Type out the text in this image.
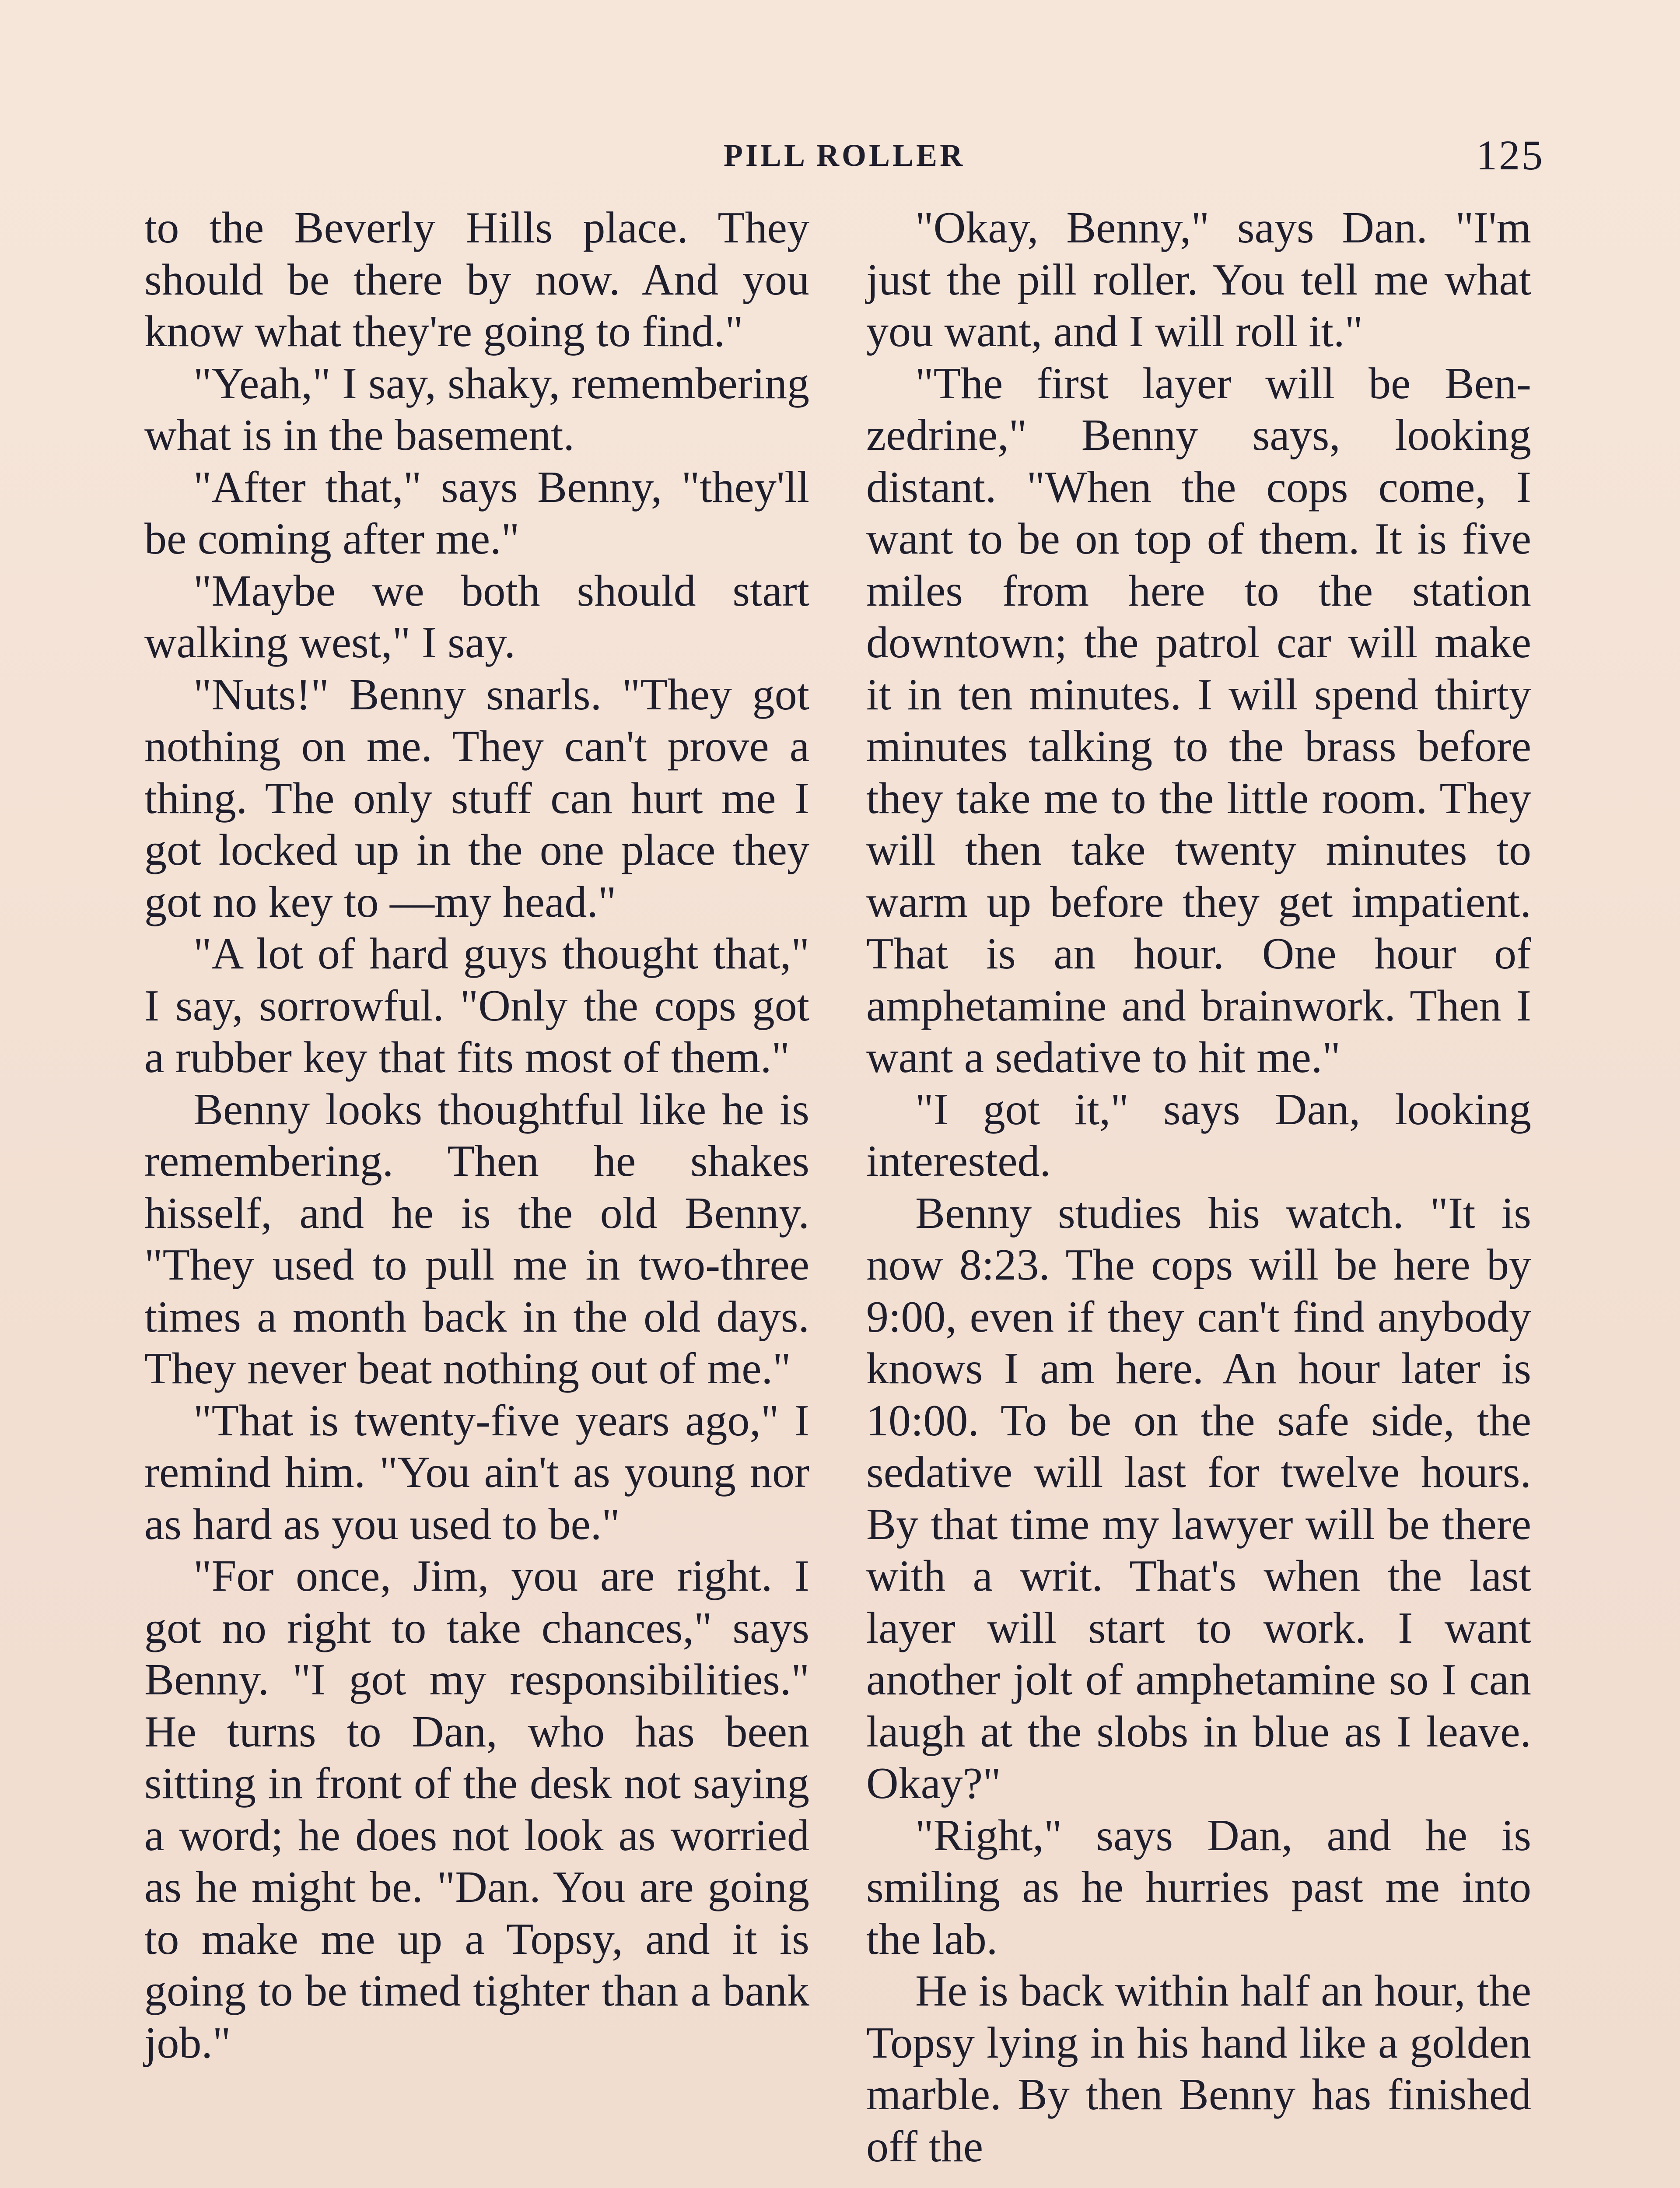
PILL ROLLER	125

to the Beverly Hills place. They should be there by now. And you know what they're going to find."

"Yeah," I say, shaky, remembering what is in the basement.

"After that," says Benny, "they'll be coming after me."

"Maybe we both should start walking west," I say.

"Nuts!" Benny snarls. "They got nothing on me. They can't prove a thing. The only stuff can hurt me I got locked up in the one place they got no key to —my head."

"A lot of hard guys thought that," I say, sorrowful. "Only the cops got a rubber key that fits most of them."

Benny looks thoughtful like he is remembering. Then he shakes hisself, and he is the old Benny. "They used to pull me in two-three times a month back in the old days. They never beat nothing out of me."

"That is twenty-five years ago," I remind him. "You ain't as young nor as hard as you used to be."

"For once, Jim, you are right. I got no right to take chances," says Benny. "I got my responsibilities." He turns to Dan, who has been sitting in front of the desk not saying a word; he does not look as worried as he might be. "Dan. You are going to make me up a Topsy, and it is going to be timed tighter than a bank job."

"Okay, Benny," says Dan. "I'm just the pill roller. You tell me what you want, and I will roll it."

"The first layer will be Benzedrine," Benny says, looking distant. "When the cops come, I want to be on top of them. It is five miles from here to the station downtown; the patrol car will make it in ten minutes. I will spend thirty minutes talking to the brass before they take me to the little room. They will then take twenty minutes to warm up before they get impatient. That is an hour. One hour of amphetamine and brainwork. Then I want a sedative to hit me."

"I got it," says Dan, looking interested.

Benny studies his watch. "It is now 8:23. The cops will be here by 9:00, even if they can't find anybody knows I am here. An hour later is 10:00. To be on the safe side, the sedative will last for twelve hours. By that time my lawyer will be there with a writ. That's when the last layer will start to work. I want another jolt of amphetamine so I can laugh at the slobs in blue as I leave. Okay?"

"Right," says Dan, and he is smiling as he hurries past me into the lab.

He is back within half an hour, the Topsy lying in his hand like a golden marble. By then Benny has finished off the
